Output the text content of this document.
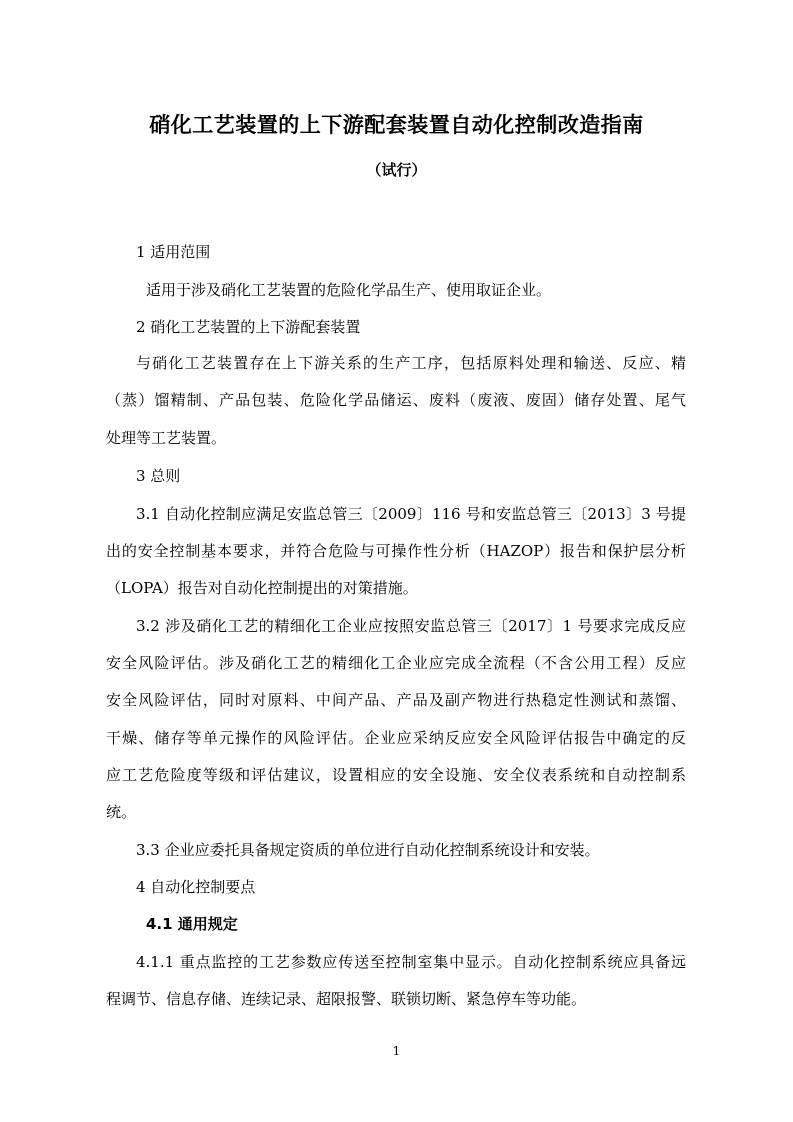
硝化工艺装置的上下游配套装置自动化控制改造指南
（试行）
1 适用范围
适用于涉及硝化工艺装置的危险化学品生产、使用取证企业。
2 硝化工艺装置的上下游配套装置
与硝化工艺装置存在上下游关系的生产工序，包括原料处理和输送、反应、精
（蒸）馏精制、产品包装、危险化学品储运、废料（废液、废固）储存处置、尾气
处理等工艺装置。
3 总则
3.1 自动化控制应满足安监总管三〔2009〕116 号和安监总管三〔2013〕3 号提
出的安全控制基本要求，并符合危险与可操作性分析（HAZOP）报告和保护层分析
（LOPA）报告对自动化控制提出的对策措施。
3.2 涉及硝化工艺的精细化工企业应按照安监总管三〔2017〕1 号要求完成反应
安全风险评估。涉及硝化工艺的精细化工企业应完成全流程（不含公用工程）反应
安全风险评估，同时对原料、中间产品、产品及副产物进行热稳定性测试和蒸馏、
干燥、储存等单元操作的风险评估。企业应采纳反应安全风险评估报告中确定的反
应工艺危险度等级和评估建议，设置相应的安全设施、安全仪表系统和自动控制系
统。
3.3 企业应委托具备规定资质的单位进行自动化控制系统设计和安装。
4 自动化控制要点
4.1 通用规定
4.1.1 重点监控的工艺参数应传送至控制室集中显示。自动化控制系统应具备远
程调节、信息存储、连续记录、超限报警、联锁切断、紧急停车等功能。
1
